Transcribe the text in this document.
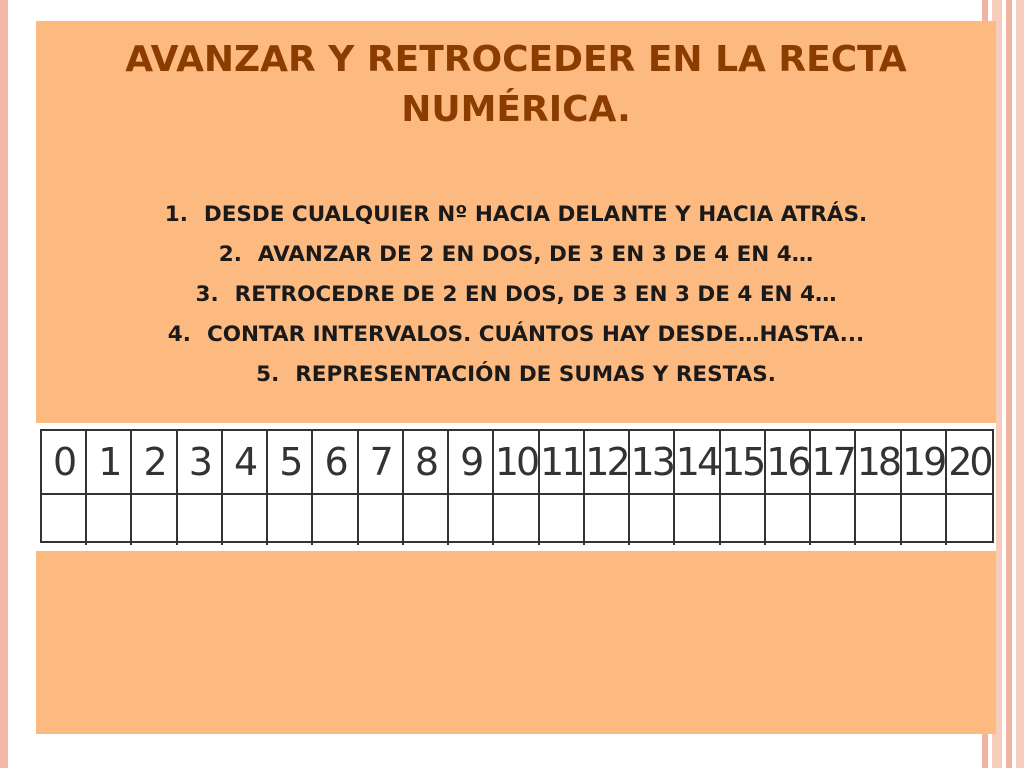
AVANZAR Y RETROCEDER EN LA RECTA NUMÉRICA.
1. DESDE CUALQUIER Nº HACIA DELANTE Y HACIA ATRÁS.
2. AVANZAR DE 2 EN DOS, DE 3 EN 3 DE 4 EN 4…
3. RETROCEDRE DE 2 EN DOS, DE 3 EN 3 DE 4 EN 4…
4. CONTAR INTERVALOS. CUÁNTOS HAY DESDE…HASTA...
5. REPRESENTACIÓN DE SUMAS Y RESTAS.
0 1 2 3 4 5 6 7 8 9 10 11 12 13 14 15 16 17 18 19 20
